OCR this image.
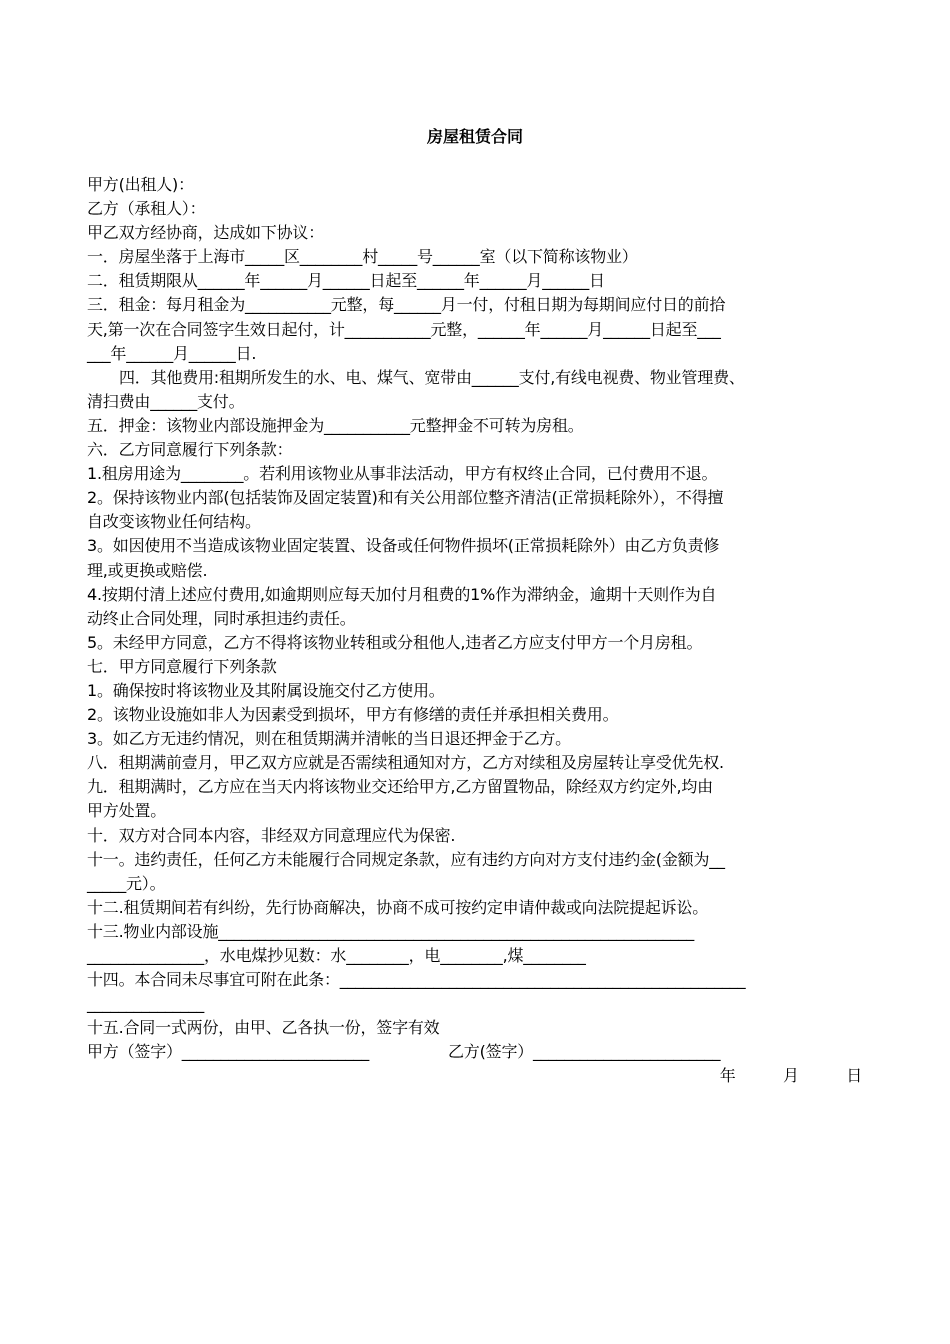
房屋租赁合同
甲方(出租人)：
乙方（承租人）：
甲乙双方经协商，达成如下协议：
一．房屋坐落于上海市_____区________村_____号______室（以下简称该物业）
二．租赁期限从______年______月______日起至______年______月______日
三．租金：每月租金为___________元整，每______月一付，付租日期为每期间应付日的前拾
天,第一次在合同签字生效日起付，计___________元整，______年______月______日起至___
___年______月______日.
四．其他费用:租期所发生的水、电、煤气、宽带由______支付,有线电视费、物业管理费、
清扫费由______支付。
五．押金：该物业内部设施押金为___________元整押金不可转为房租。
六．乙方同意履行下列条款：
1.租房用途为________。若利用该物业从事非法活动，甲方有权终止合同，已付费用不退。
2。保持该物业内部(包括装饰及固定装置)和有关公用部位整齐清洁(正常损耗除外），不得擅
自改变该物业任何结构。
3。如因使用不当造成该物业固定装置、设备或任何物件损坏(正常损耗除外）由乙方负责修
理,或更换或赔偿.
4.按期付清上述应付费用,如逾期则应每天加付月租费的1%作为滞纳金，逾期十天则作为自
动终止合同处理，同时承担违约责任。
5。未经甲方同意，乙方不得将该物业转租或分租他人,违者乙方应支付甲方一个月房租。
七．甲方同意履行下列条款
1。确保按时将该物业及其附属设施交付乙方使用。
2。该物业设施如非人为因素受到损坏，甲方有修缮的责任并承担相关费用。
3。如乙方无违约情况，则在租赁期满并清帐的当日退还押金于乙方。
八．租期满前壹月，甲乙双方应就是否需续租通知对方，乙方对续租及房屋转让享受优先权.
九．租期满时，乙方应在当天内将该物业交还给甲方,乙方留置物品，除经双方约定外,均由
甲方处置。
十．双方对合同本内容，非经双方同意理应代为保密.
十一。违约责任，任何乙方未能履行合同规定条款，应有违约方向对方支付违约金(金额为__
_____元）。
十二.租赁期间若有纠纷，先行协商解决，协商不成可按约定申请仲裁或向法院提起诉讼。
十三.物业内部设施_____________________________________________________________
_______________，水电煤抄见数：水________，电________,煤________
十四。本合同未尽事宜可附在此条：____________________________________________________
_______________
十五.合同一式两份，由甲、乙各执一份，签字有效
甲方（签字）________________________　　　　　乙方(签字）________________________
年　　　月　　　日
